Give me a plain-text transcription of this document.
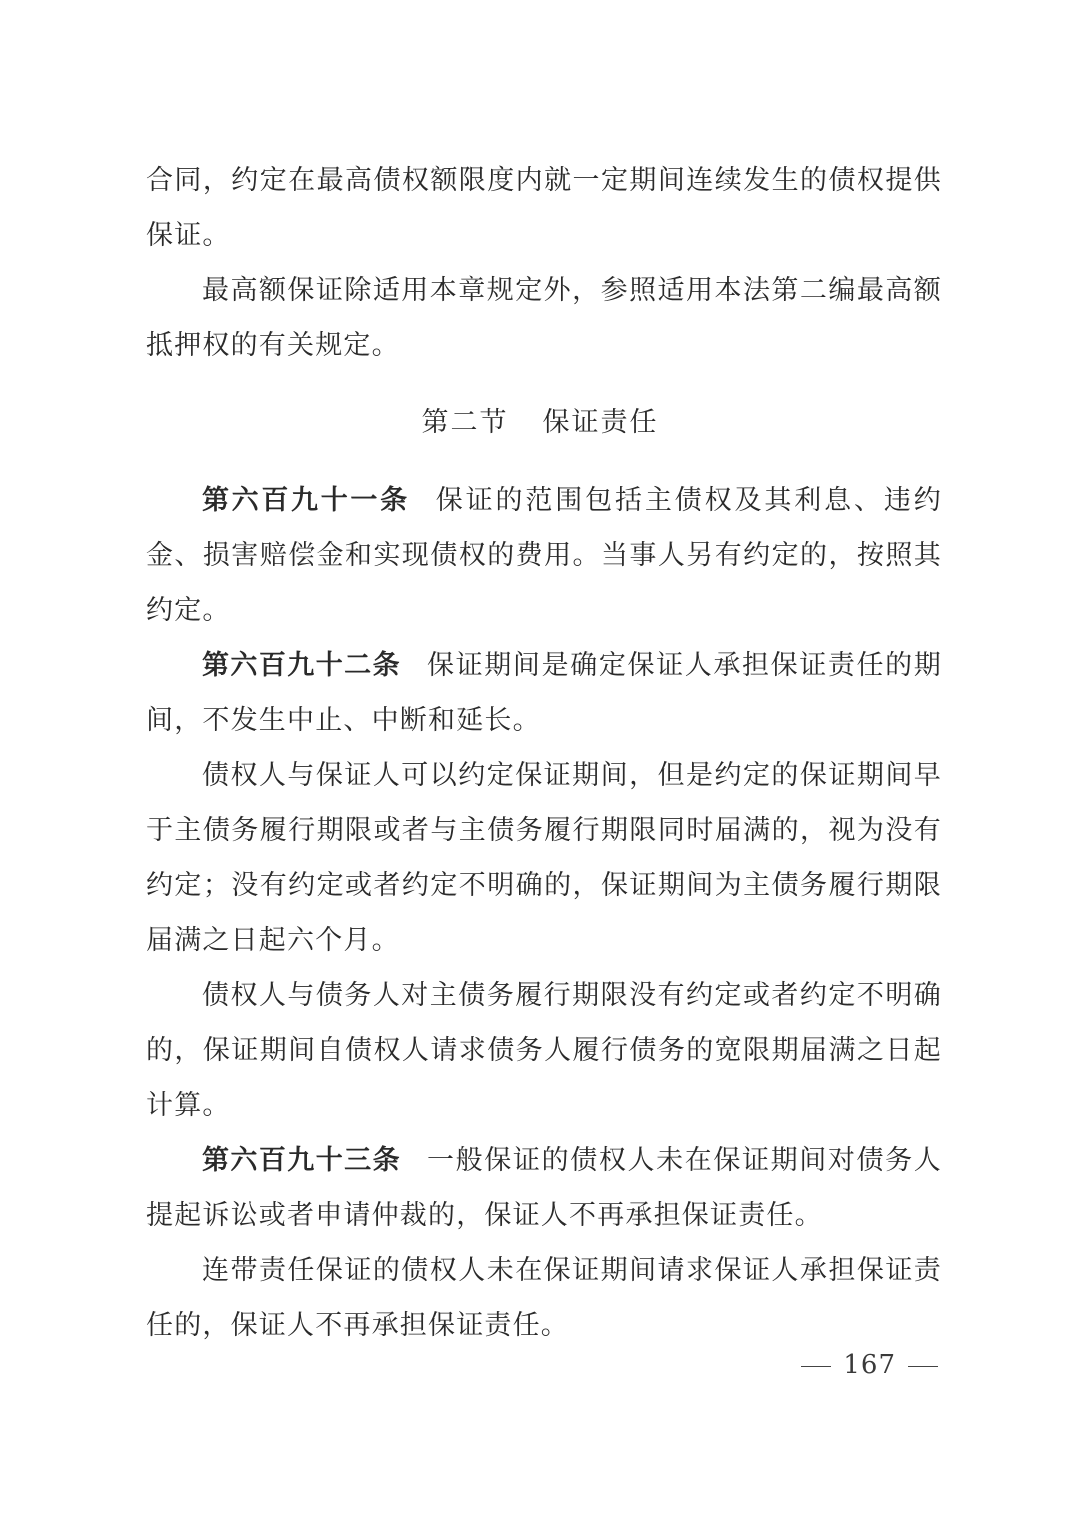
合同，约定在最高债权额限度内就一定期间连续发生的债权提供保证。

最高额保证除适用本章规定外，参照适用本法第二编最高额抵押权的有关规定。

第二节 保证责任

第六百九十一条 保证的范围包括主债权及其利息、违约金、损害赔偿金和实现债权的费用。当事人另有约定的，按照其约定。

第六百九十二条 保证期间是确定保证人承担保证责任的期间，不发生中止、中断和延长。

债权人与保证人可以约定保证期间，但是约定的保证期间早于主债务履行期限或者与主债务履行期限同时届满的，视为没有约定；没有约定或者约定不明确的，保证期间为主债务履行期限届满之日起六个月。

债权人与债务人对主债务履行期限没有约定或者约定不明确的，保证期间自债权人请求债务人履行债务的宽限期届满之日起计算。

第六百九十三条 一般保证的债权人未在保证期间对债务人提起诉讼或者申请仲裁的，保证人不再承担保证责任。

连带责任保证的债权人未在保证期间请求保证人承担保证责任的，保证人不再承担保证责任。

167
